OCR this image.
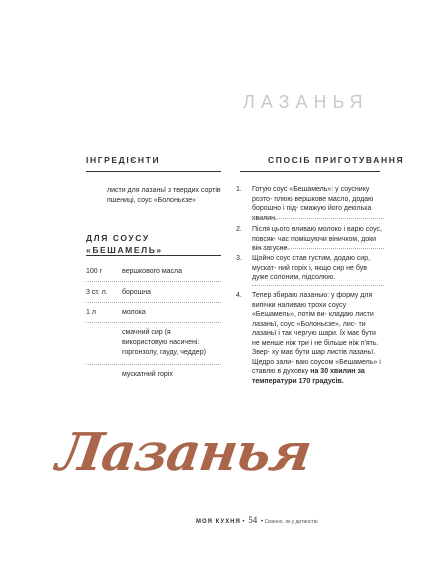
ЛАЗАНЬЯ
ІНГРЕДІЄНТИ
листи для лазаньї з твердих сортів пшениці, соус «Болоньєзе»
ДЛЯ СОУСУ
«БЕШАМЕЛЬ»
100 г	вершкового масла
3 ст. л. борошна
1 л	молока
смачний сир (я використовую насичені: горгонзолу, гауду, чеддер)
мускатний горіх
СПОСІБ ПРИГОТУВАННЯ
1. Готую соус «Бешамель»: у соуснику розто- плюю вершкове масло, додаю борошно і під- смажую його декілька хвилин.
2. Після цього вливаю молоко і варю соус, повсяк- час помішуючи віничком, доки він загусне.
3. Щойно соус став густим, додаю сир, мускат- ний горіх і, якщо сир не був дуже солоним, підсолюю.
4. Тепер збираю лазанью: у форму для випічки наливаю трохи соусу «Бешамель», потім ви- кладаю листи лазаньї, соус «Болоньєзе», лис- ти лазаньї і так чергую шари. Їх має бути не менше ніж три і не більше ніж п'ять. Звер- ху має бути шар листів лазаньї. Щедро зали- ваю соусом «Бешамель» і ставлю в духовку на 30 хвилин за температури 170 градусів.
Лазанья
МОЯ КУХНЯ • 54 • Смачно, як у дитинстві
